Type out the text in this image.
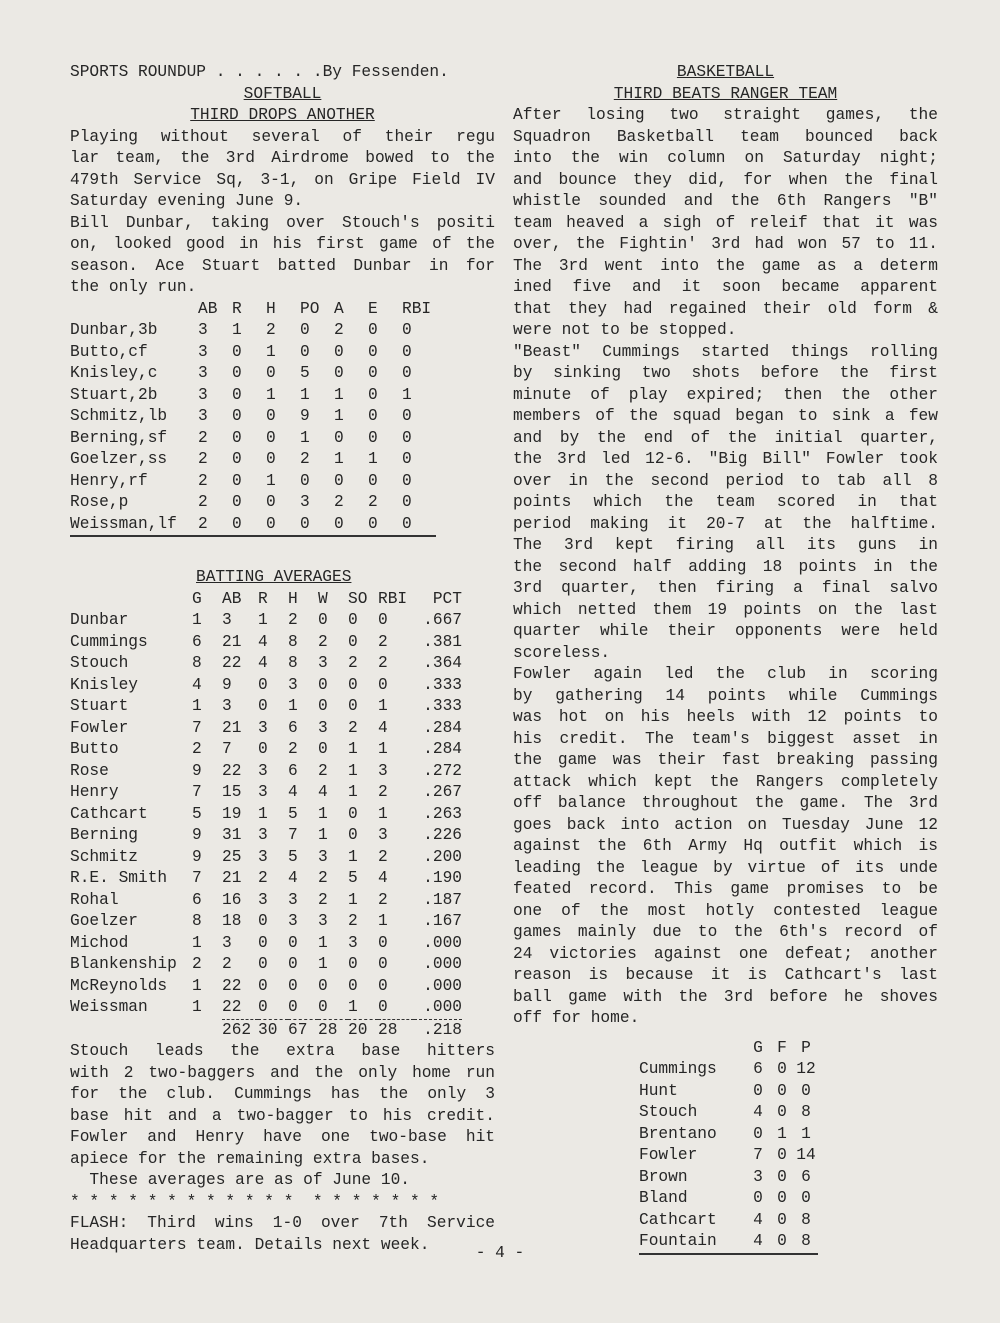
SPORTS ROUNDUP . . . . . .By Fessenden.
SOFTBALL
THIRD DROPS ANOTHER
Playing without several of their regu
lar team, the 3rd Airdrome bowed to the
479th Service Sq, 3-1, on Gripe Field IV
Saturday evening June 9.
Bill Dunbar, taking over Stouch's positi
on, looked good in his first game of the
season. Ace Stuart batted Dunbar in for
the only run.
	AB	R	H	PO	A	E	RBI
Dunbar,3b	3	1	2	0	2	0	0
Butto,cf	3	0	1	0	0	0	0
Knisley,c	3	0	0	5	0	0	0
Stuart,2b	3	0	1	1	1	0	1
Schmitz,lb	3	0	0	9	1	0	0
Berning,sf	2	0	0	1	0	0	0
Goelzer,ss	2	0	0	2	1	1	0
Henry,rf	2	0	1	0	0	0	0
Rose,p	2	0	0	3	2	2	0
Weissman,lf	2	0	0	0	0	0	0
BATTING AVERAGES
	G	AB	R	H	W	SO	RBI	PCT
Dunbar	1	3	1	2	0	0	0	.667
Cummings	6	21	4	8	2	0	2	.381
Stouch	8	22	4	8	3	2	2	.364
Knisley	4	9	0	3	0	0	0	.333
Stuart	1	3	0	1	0	0	1	.333
Fowler	7	21	3	6	3	2	4	.284
Butto	2	7	0	2	0	1	1	.284
Rose	9	22	3	6	2	1	3	.272
Henry	7	15	3	4	4	1	2	.267
Cathcart	5	19	1	5	1	0	1	.263
Berning	9	31	3	7	1	0	3	.226
Schmitz	9	25	3	5	3	1	2	.200
R.E. Smith	7	21	2	4	2	5	4	.190
Rohal	6	16	3	3	2	1	2	.187
Goelzer	8	18	0	3	3	2	1	.167
Michod	1	3	0	0	1	3	0	.000
Blankenship	2	2	0	0	1	0	0	.000
McReynolds	1	22	0	0	0	0	0	.000
Weissman	1	22	0	0	0	1	0	.000
		262	30	67	28	20	28	.218
Stouch leads the extra base hitters
with 2 two-baggers and the only home run
for the club. Cummings has the only 3
base hit and a two-bagger to his credit.
Fowler and Henry have one two-base hit
apiece for the remaining extra bases.
These averages are as of June 10.
* * * * * * * * * * * *  * * * * * * *
FLASH: Third wins 1-0 over 7th Service
Headquarters team. Details next week.
BASKETBALL
THIRD BEATS RANGER TEAM
After losing two straight games, the
Squadron Basketball team bounced back
into the win column on Saturday night;
and bounce they did, for when the final
whistle sounded and the 6th Rangers "B"
team heaved a sigh of releif that it was
over, the Fightin' 3rd had won 57 to 11.
The 3rd went into the game as a determ
ined five and it soon became apparent
that they had regained their old form &
were not to be stopped.
"Beast" Cummings started things rolling
by sinking two shots before the first
minute of play expired; then the other
members of the squad began to sink a few
and by the end of the initial quarter,
the 3rd led 12-6. "Big Bill" Fowler took
over in the second period to tab all 8
points which the team scored in that
period making it 20-7 at the halftime.
The 3rd kept firing all its guns in
the second half adding 18 points in the
3rd quarter, then firing a final salvo
which netted them 19 points on the last
quarter while their opponents were held
scoreless.
Fowler again led the club in scoring
by gathering 14 points while Cummings
was hot on his heels with 12 points to
his credit. The team's biggest asset in
the game was their fast breaking passing
attack which kept the Rangers completely
off balance throughout the game. The 3rd
goes back into action on Tuesday June 12
against the 6th Army Hq outfit which is
leading the league by virtue of its unde
feated record. This game promises to be
one of the most hotly contested league
games mainly due to the 6th's record of
24 victories against one defeat; another
reason is because it is Cathcart's last
ball game with the 3rd before he shoves
off for home.
	G	F	P
Cummings	6	0	12
Hunt	0	0	0
Stouch	4	0	8
Brentano	0	1	1
Fowler	7	0	14
Brown	3	0	6
Bland	0	0	0
Cathcart	4	0	8
Fountain	4	0	8
- 4 -
